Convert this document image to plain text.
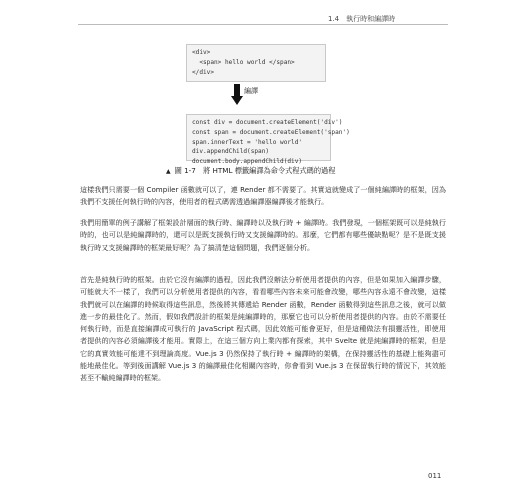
1.4　執行時和編譯時
<div>
<span> hello world </span>
</div>
編譯
const div = document.createElement('div')
const span = document.createElement('span')
span.innerText = 'hello world'
div.appendChild(span)
document.body.appendChild(div)
▲ 圖 1-7　將 HTML 標籤編譯為命令式程式碼的過程

這樣我們只需要一個 Compiler 函數就可以了，連 Render 都不需要了。其實這就變成了一個純編譯時的框架，因為我們不支援任何執行時的內容，使用者的程式碼需透過編譯器編譯後才能執行。

我們用簡單的例子講解了框架設計層面的執行時、編譯時以及執行時 + 編譯時。我們發現，一個框架既可以是純執行時的，也可以是純編譯時的，還可以是既支援執行時又支援編譯時的。那麼，它們都有哪些優缺點呢？是不是既支援執行時又支援編譯時的框架最好呢？為了搞清楚這個問題，我們逐個分析。

首先是純執行時的框架。由於它沒有編譯的過程，因此我們沒辦法分析使用者提供的內容，但是如果加入編譯步驟，可能就大不一樣了，我們可以分析使用者提供的內容，看看哪些內容未來可能會改變，哪些內容永遠不會改變，這樣我們就可以在編譯的時候取得這些訊息，然後將其傳遞給 Render 函數，Render 函數得到這些訊息之後，就可以做進一步的最佳化了。然而，假如我們設計的框架是純編譯時的，那麼它也可以分析使用者提供的內容。由於不需要任何執行時，而是直接編譯成可執行的 JavaScript 程式碼，因此效能可能會更好，但是這種做法有損靈活性，即使用者提供的內容必須編譯後才能用。實際上，在這三個方向上業內都有探索，其中 Svelte 就是純編譯時的框架，但是它的真實效能可能達不到理論高度。Vue.js 3 仍然保持了執行時 + 編譯時的架構，在保持靈活性的基礎上能夠盡可能地最佳化。等到後面講解 Vue.js 3 的編譯最佳化相關內容時，你會看到 Vue.js 3 在保留執行時的情況下，其效能甚至不輸純編譯時的框架。

011
